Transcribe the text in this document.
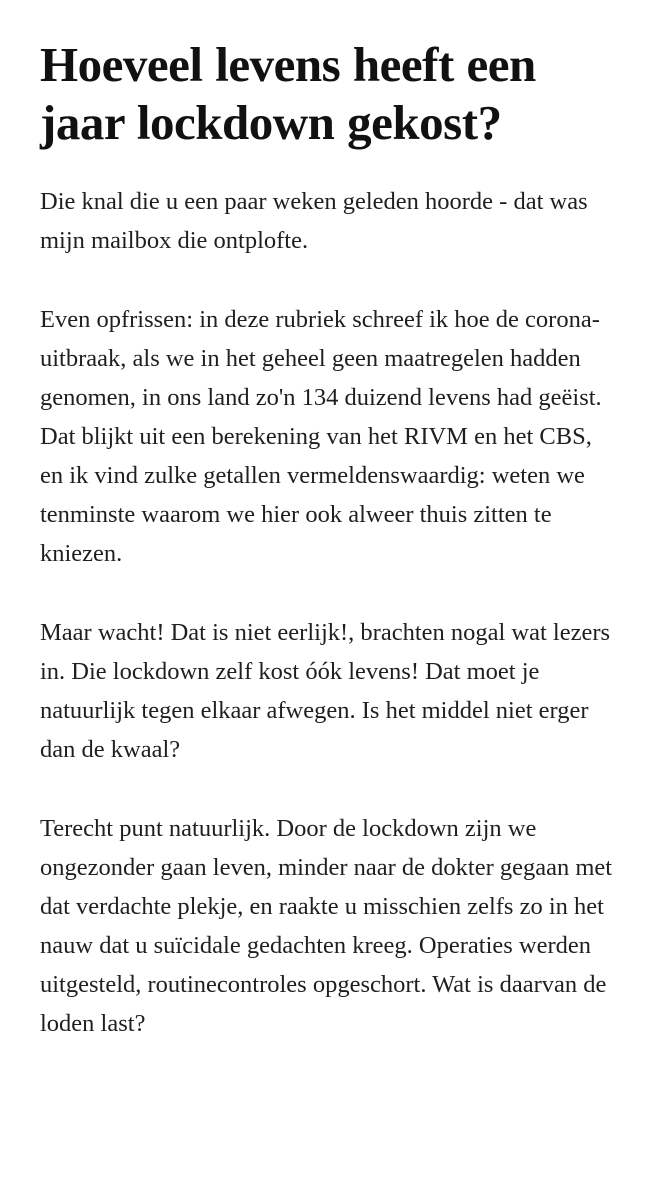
Hoeveel levens heeft een jaar lockdown gekost?

Die knal die u een paar weken geleden hoorde - dat was mijn mailbox die ontplofte.

Even opfrissen: in deze rubriek schreef ik hoe de corona-uitbraak, als we in het geheel geen maatregelen hadden genomen, in ons land zo'n 134 duizend levens had geëist. Dat blijkt uit een berekening van het RIVM en het CBS, en ik vind zulke getallen vermeldenswaardig: weten we tenminste waarom we hier ook alweer thuis zitten te kniezen.

Maar wacht! Dat is niet eerlijk!, brachten nogal wat lezers in. Die lockdown zelf kost óók levens! Dat moet je natuurlijk tegen elkaar afwegen. Is het middel niet erger dan de kwaal?

Terecht punt natuurlijk. Door de lockdown zijn we ongezonder gaan leven, minder naar de dokter gegaan met dat verdachte plekje, en raakte u misschien zelfs zo in het nauw dat u suïcidale gedachten kreeg. Operaties werden uitgesteld, routinecontroles opgeschort. Wat is daarvan de loden last?
